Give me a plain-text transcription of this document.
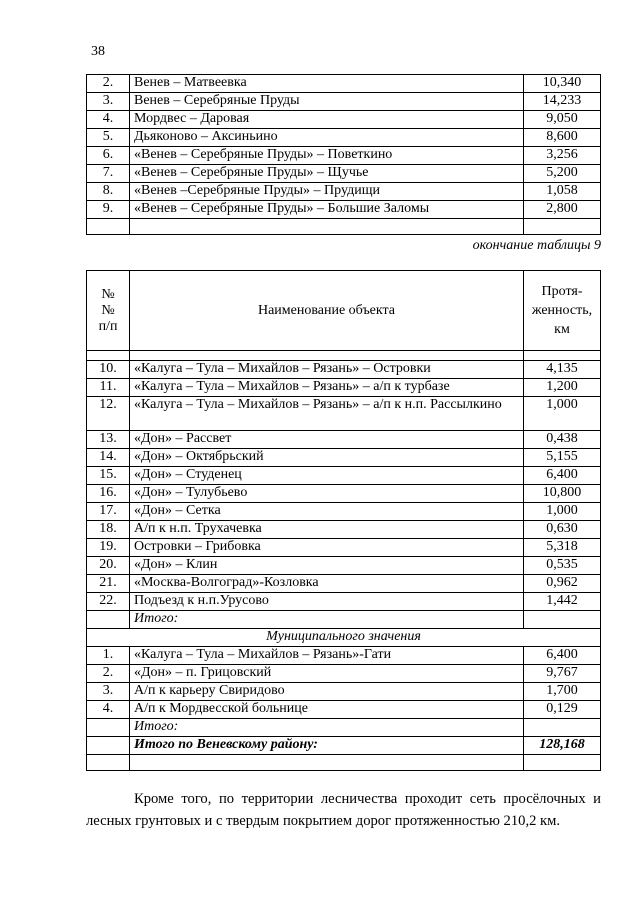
38
2.	Венев – Матвеевка	10,340
3.	Венев – Серебряные Пруды	14,233
4.	Мордвес – Даровая	9,050
5.	Дьяконово – Аксиньино	8,600
6.	«Венев – Серебряные Пруды» – Поветкино	3,256
7.	«Венев – Серебряные Пруды» – Щучье	5,200
8.	«Венев –Серебряные Пруды» – Прудищи	1,058
9.	«Венев – Серебряные Пруды» – Большие Заломы	2,800

окончание таблицы 9
№№ п/п	Наименование объекта	Протя-женность, км

10.	«Калуга – Тула – Михайлов – Рязань» – Островки	4,135
11.	«Калуга – Тула – Михайлов – Рязань» – а/п к турбазе	1,200
12.	«Калуга – Тула – Михайлов – Рязань» – а/п к н.п. Рассылкино	1,000
13.	«Дон» – Рассвет	0,438
14.	«Дон» – Октябрьский	5,155
15.	«Дон» – Студенец	6,400
16.	«Дон» – Тулубьево	10,800
17.	«Дон» – Сетка	1,000
18.	А/п к н.п. Трухачевка	0,630
19.	Островки – Грибовка	5,318
20.	«Дон» – Клин	0,535
21.	«Москва-Волгоград»-Козловка	0,962
22.	Подъезд к н.п.Урусово	1,442
	Итого:	
Муниципального значения		
1.	«Калуга – Тула – Михайлов – Рязань»-Гати	6,400
2.	«Дон» – п. Грицовский	9,767
3.	А/п к карьеру Свиридово	1,700
4.	А/п к Мордвесской больнице	0,129
	Итого:	
	Итого по Веневскому району:	128,168

Кроме того, по территории лесничества проходит сеть просёлочных и лесных грунтовых и с твердым покрытием дорог протяженностью 210,2 км.
